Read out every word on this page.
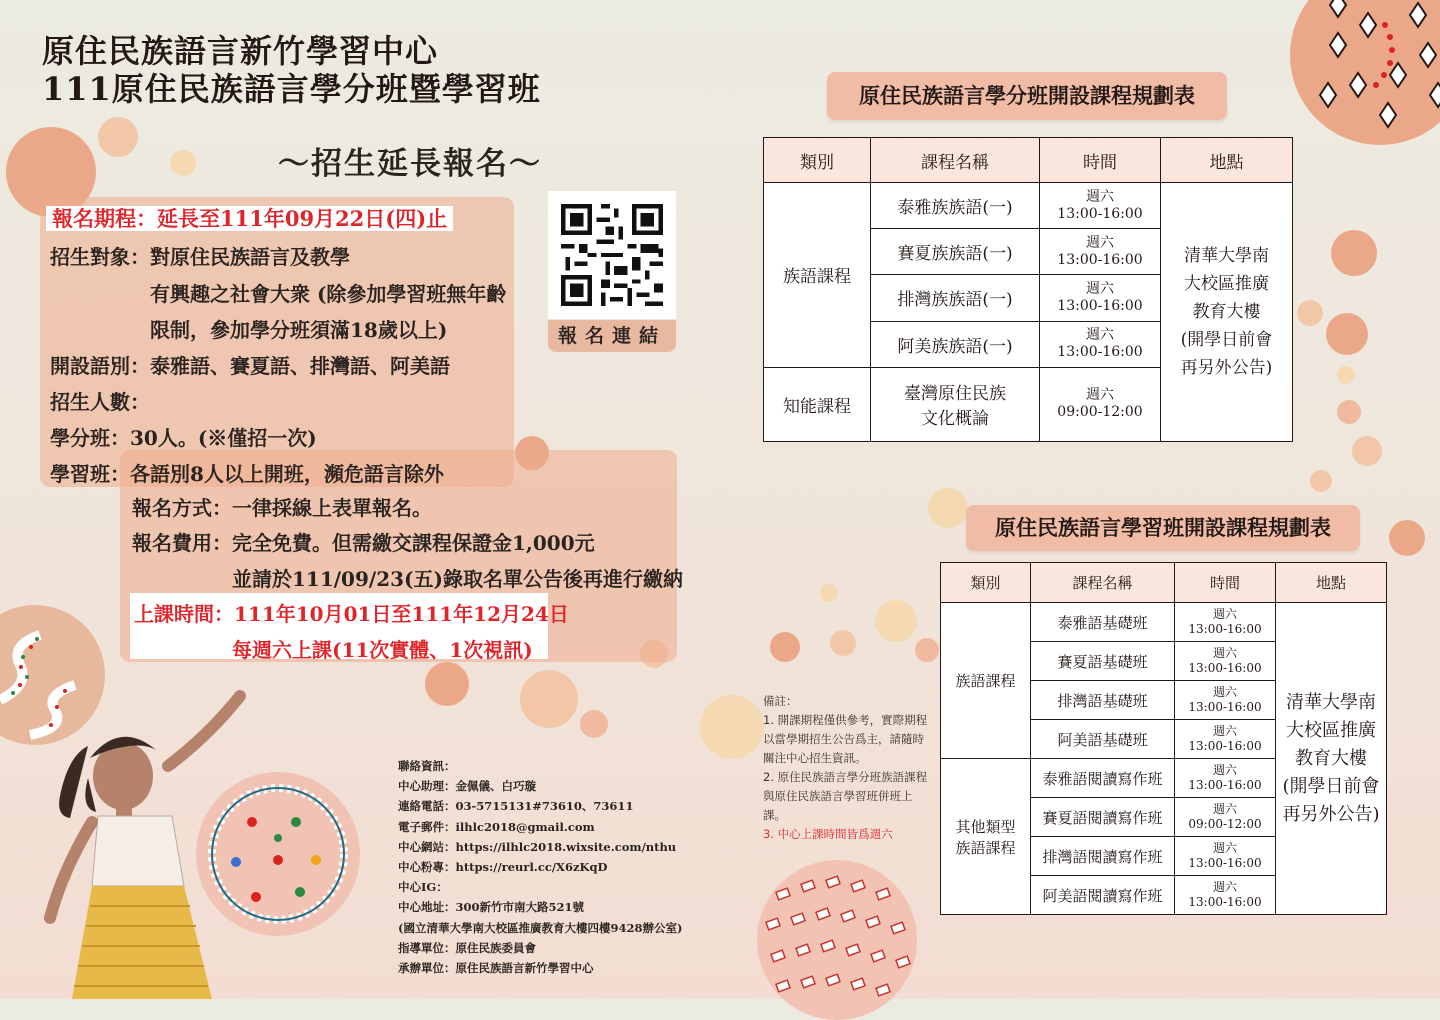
原住民族語言新竹學習中心
111原住民族語言學分班暨學習班
～招生延長報名～
報名期程：延長至111年09月22日(四)止
招生對象：對原住民族語言及教學
有興趣之社會大衆 (除參加學習班無年齡
限制，參加學分班須滿18歲以上)
開設語別：泰雅語、賽夏語、排灣語、阿美語
招生人數：
學分班：30人。(※僅招一次)
學習班：各語別8人以上開班，瀕危語言除外
報名方式：一律採線上表單報名。
報名費用：完全免費。但需繳交課程保證金1,000元
並請於111/09/23(五)錄取名單公告後再進行繳納
上課時間：111年10月01日至111年12月24日
每週六上課(11次實體、1次視訊)
報名連結
原住民族語言學分班開設課程規劃表
類別	課程名稱	時間	地點
族語課程	泰雅族族語(一)	週六
13:00-16:00	清華大學南
大校區推廣
教育大樓
(開學日前會
再另外公告)
	賽夏族族語(一)	週六
13:00-16:00	
	排灣族族語(一)	週六
13:00-16:00	
	阿美族族語(一)	週六
13:00-16:00	
知能課程	臺灣原住民族
文化概論	週六
09:00-12:00	
原住民族語言學習班開設課程規劃表
類別	課程名稱	時間	地點
族語課程	泰雅語基礎班	週六
13:00-16:00	清華大學南
大校區推廣
教育大樓
(開學日前會
再另外公告)
	賽夏語基礎班	週六
13:00-16:00	
	排灣語基礎班	週六
13:00-16:00	
	阿美語基礎班	週六
13:00-16:00	
其他類型
族語課程	泰雅語閱讀寫作班	週六
13:00-16:00	
	賽夏語閱讀寫作班	週六
09:00-12:00	
	排灣語閱讀寫作班	週六
13:00-16:00	
	阿美語閱讀寫作班	週六
13:00-16:00	
備註：
1. 開課期程僅供參考，實際期程以當學期招生公告爲主，請隨時關注中心招生資訊。
2. 原住民族語言學分班族語課程與原住民族語言學習班併班上課。
3. 中心上課時間皆爲週六
聯絡資訊：
中心助理：金佩儀、白巧璇
連絡電話：03-5715131#73610、73611
電子郵件：ilhlc2018@gmail.com
中心網站：https://ilhlc2018.wixsite.com/nthu
中心粉專：https://reurl.cc/X6zKqD
中心IG：
中心地址：300新竹市南大路521號
(國立清華大學南大校區推廣教育大樓四樓9428辦公室)
指導單位：原住民族委員會
承辦單位：原住民族語言新竹學習中心
